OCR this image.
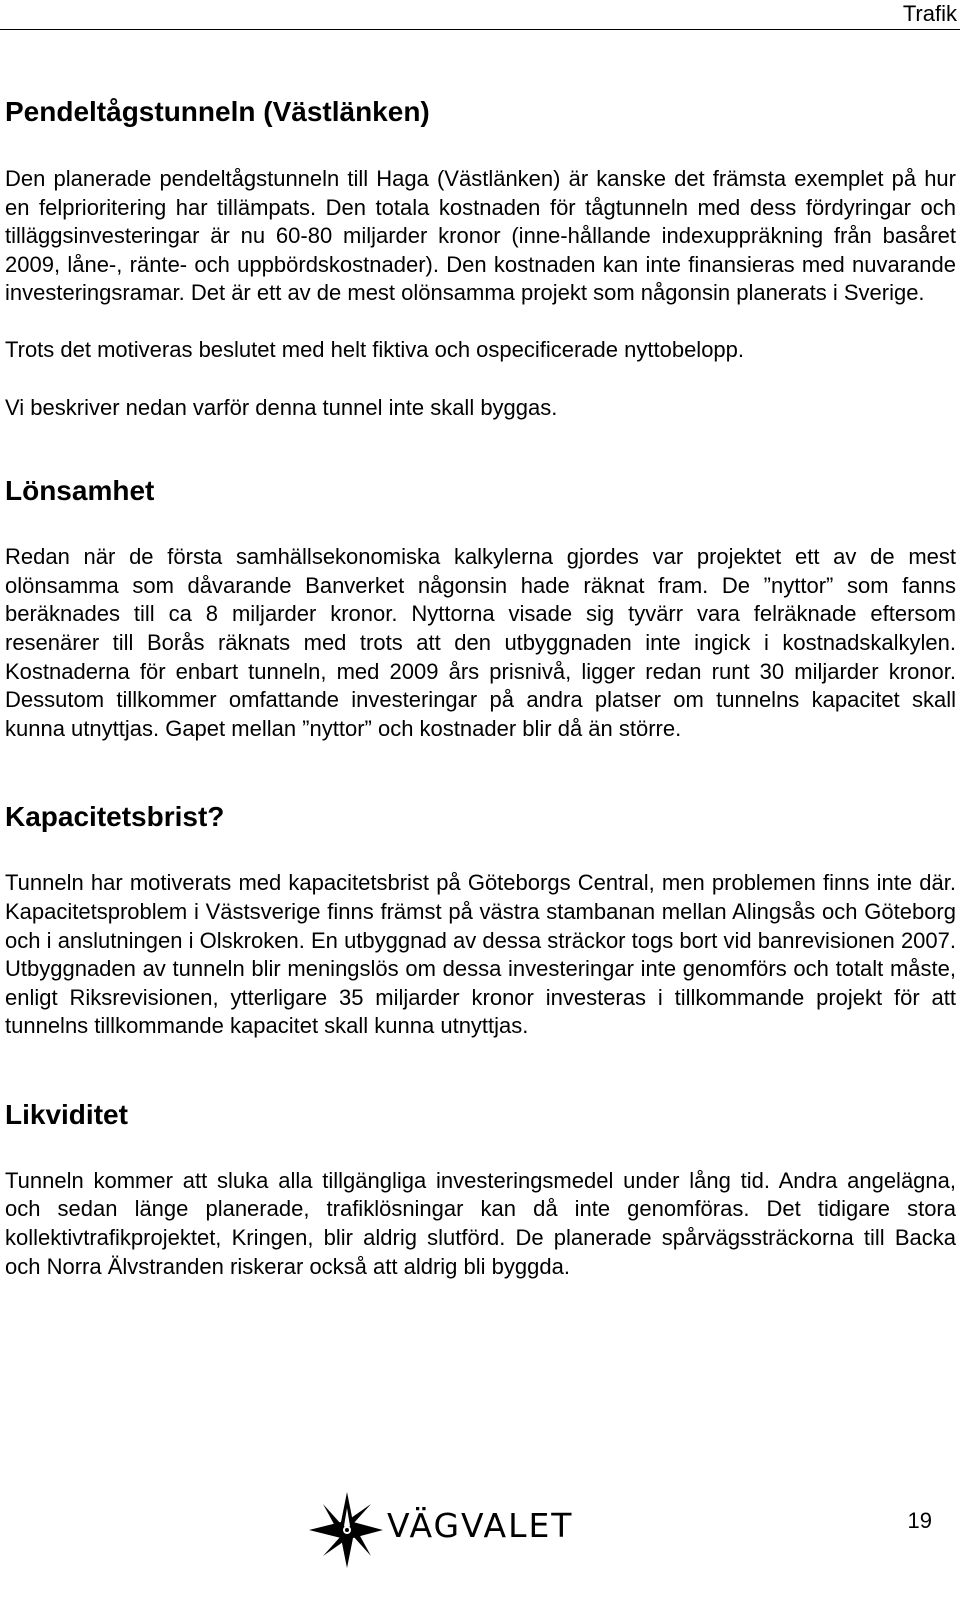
Trafik
Pendeltågstunneln (Västlänken)

Den planerade pendeltågstunneln till Haga (Västlänken) är kanske det främsta exemplet på hur en felprioritering har tillämpats. Den totala kostnaden för tågtunneln med dess fördyringar och tilläggsinvesteringar är nu 60-80 miljarder kronor (inne-hållande indexuppräkning från basåret 2009, låne-, ränte- och uppbördskostnader). Den kostnaden kan inte finansieras med nuvarande investeringsramar. Det är ett av de mest olönsamma projekt som någonsin planerats i Sverige.

Trots det motiveras beslutet med helt fiktiva och ospecificerade nyttobelopp.

Vi beskriver nedan varför denna tunnel inte skall byggas.

Lönsamhet

Redan när de första samhällsekonomiska kalkylerna gjordes var projektet ett av de mest olönsamma som dåvarande Banverket någonsin hade räknat fram. De ”nyttor” som fanns beräknades till ca 8 miljarder kronor. Nyttorna visade sig tyvärr vara felräknade eftersom resenärer till Borås räknats med trots att den utbyggnaden inte ingick i kostnadskalkylen. Kostnaderna för enbart tunneln, med 2009 års prisnivå, ligger redan runt 30 miljarder kronor. Dessutom tillkommer omfattande investeringar på andra platser om tunnelns kapacitet skall kunna utnyttjas. Gapet mellan ”nyttor” och kostnader blir då än större.

Kapacitetsbrist?

Tunneln har motiverats med kapacitetsbrist på Göteborgs Central, men problemen finns inte där. Kapacitetsproblem i Västsverige finns främst på västra stambanan mellan Alingsås och Göteborg och i anslutningen i Olskroken. En utbyggnad av dessa sträckor togs bort vid banrevisionen 2007. Utbyggnaden av tunneln blir meningslös om dessa investeringar inte genomförs och totalt måste, enligt Riksrevisionen, ytterligare 35 miljarder kronor investeras i tillkommande projekt för att tunnelns tillkommande kapacitet skall kunna utnyttjas.

Likviditet

Tunneln kommer att sluka alla tillgängliga investeringsmedel under lång tid. Andra angelägna, och sedan länge planerade, trafiklösningar kan då inte genomföras. Det tidigare stora kollektivtrafikprojektet, Kringen, blir aldrig slutförd. De planerade spårvägssträckorna till Backa och Norra Älvstranden riskerar också att aldrig bli byggda.

VÄGVALET	19
